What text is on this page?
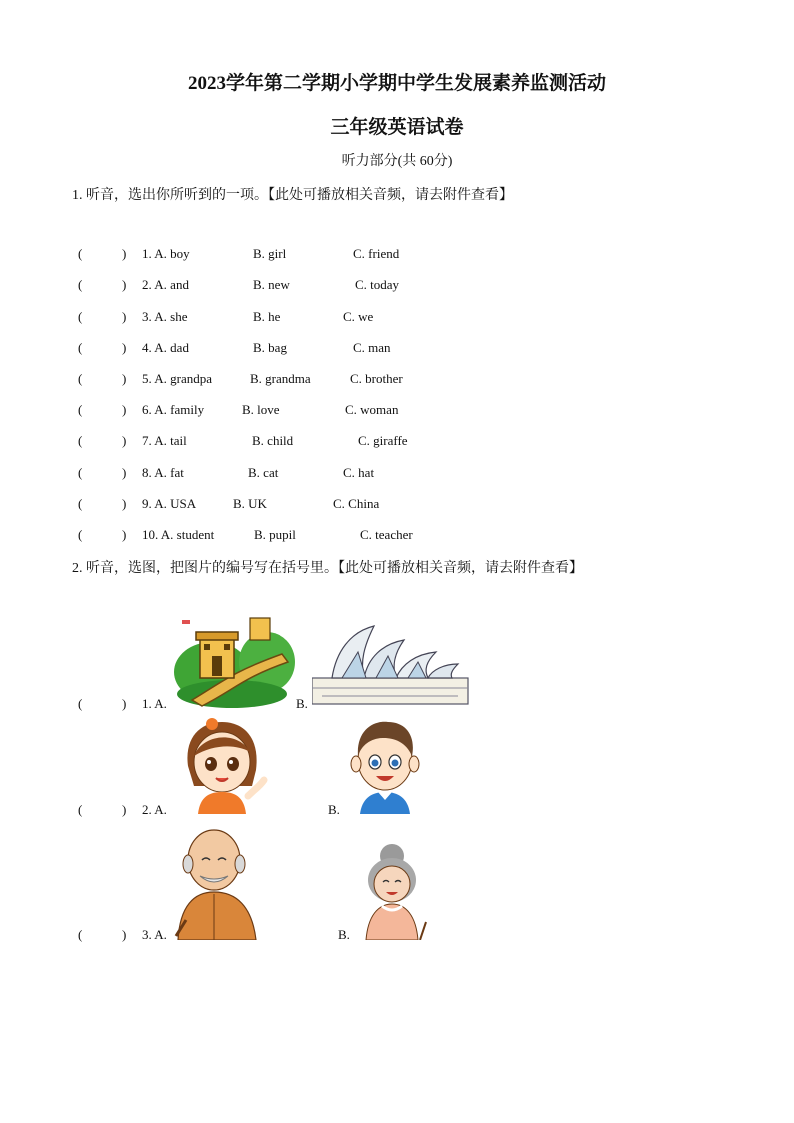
2023学年第二学期小学期中学生发展素养监测活动
三年级英语试卷
听力部分(共 60分)
1. 听音，选出你所听到的一项。【此处可播放相关音频，请去附件查看】
(	) 1. A. boy	B. girl	C. friend
(	) 2. A. and	B. new	C. today
(	) 3. A. she	B. he	C. we
(	) 4. A. dad	B. bag	C. man
(	) 5. A. grandpa	B. grandma	C. brother
(	) 6. A. family	B. love	C. woman
(	) 7. A. tail	B. child	C. giraffe
(	) 8. A. fat	B. cat	C. hat
(	) 9. A. USA	B. UK	C. China
(	) 10. A. student	B. pupil	C. teacher
2. 听音，选图，把图片的编号写在括号里。【此处可播放相关音频，请去附件查看】
(	) 1. A.	B.
(	) 2. A.	B.
(	) 3. A.	B.
